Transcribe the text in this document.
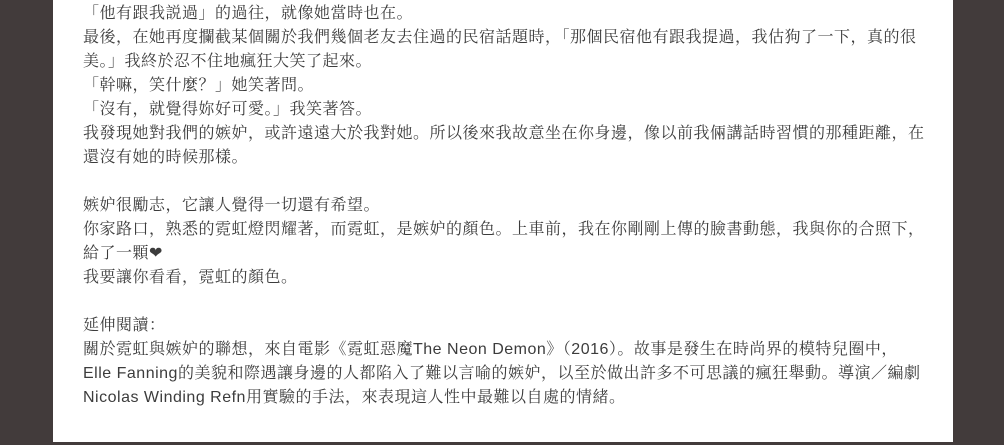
「他有跟我説過」的過往，就像她當時也在。
最後，在她再度攔截某個關於我們幾個老友去住過的民宿話題時，「那個民宿他有跟我提過，我估狗了一下，真的很
美。」我終於忍不住地瘋狂大笑了起來。
「幹嘛，笑什麼？」她笑著問。
「沒有，就覺得妳好可愛。」我笑著答。
我發現她對我們的嫉妒，或許遠遠大於我對她。所以後來我故意坐在你身邊，像以前我倆講話時習慣的那種距離，在
還沒有她的時候那樣。
嫉妒很勵志，它讓人覺得一切還有希望。
你家路口，熟悉的霓虹燈閃耀著，而霓虹，是嫉妒的顏色。上車前，我在你剛剛上傳的臉書動態，我與你的合照下，
給了一顆❤
我要讓你看看，霓虹的顏色。
延伸閱讀：
關於霓虹與嫉妒的聯想，來自電影《霓虹惡魔The Neon Demon》（2016）。故事是發生在時尚界的模特兒圈中，
Elle Fanning的美貌和際遇讓身邊的人都陷入了難以言喻的嫉妒，以至於做出許多不可思議的瘋狂舉動。導演／編劇
Nicolas Winding Refn用實驗的手法，來表現這人性中最難以自處的情緒。
